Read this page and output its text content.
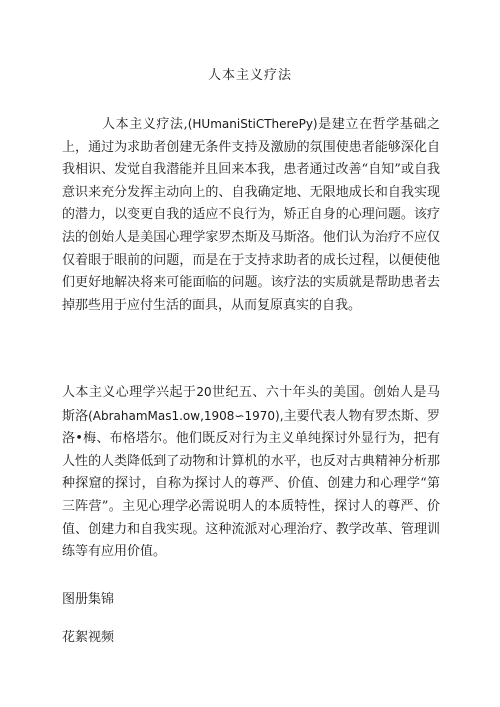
人本主义疗法

人本主义疗法,(HUmaniStiCTherePy)是建立在哲学基础之上，通过为求助者创建无条件支持及激励的氛围使患者能够深化自我相识、发觉自我潜能并且回来本我，患者通过改善“自知”或自我意识来充分发挥主动向上的、自我确定地、无限地成长和自我实现的潜力，以变更自我的适应不良行为，矫正自身的心理问题。该疗法的创始人是美国心理学家罗杰斯及马斯洛。他们认为治疗不应仅仅着眼于眼前的问题，而是在于支持求助者的成长过程，以便使他们更好地解决将来可能面临的问题。该疗法的实质就是帮助患者去掉那些用于应付生活的面具，从而复原真实的自我。

人本主义心理学兴起于20世纪五、六十年头的美国。创始人是马斯洛(AbrahamMas1.ow,1908∽1970),主要代表人物有罗杰斯、罗洛•梅、布格塔尔。他们既反对行为主义单纯探讨外显行为，把有人性的人类降低到了动物和计算机的水平，也反对古典精神分析那种探窟的探讨，自称为探讨人的尊严、价值、创建力和心理学“第三阵营”。主见心理学必需说明人的本质特性，探讨人的尊严、价值、创建力和自我实现。这种流派对心理治疗、教学改革、管理训练等有应用价值。

图册集锦
花絮视频
